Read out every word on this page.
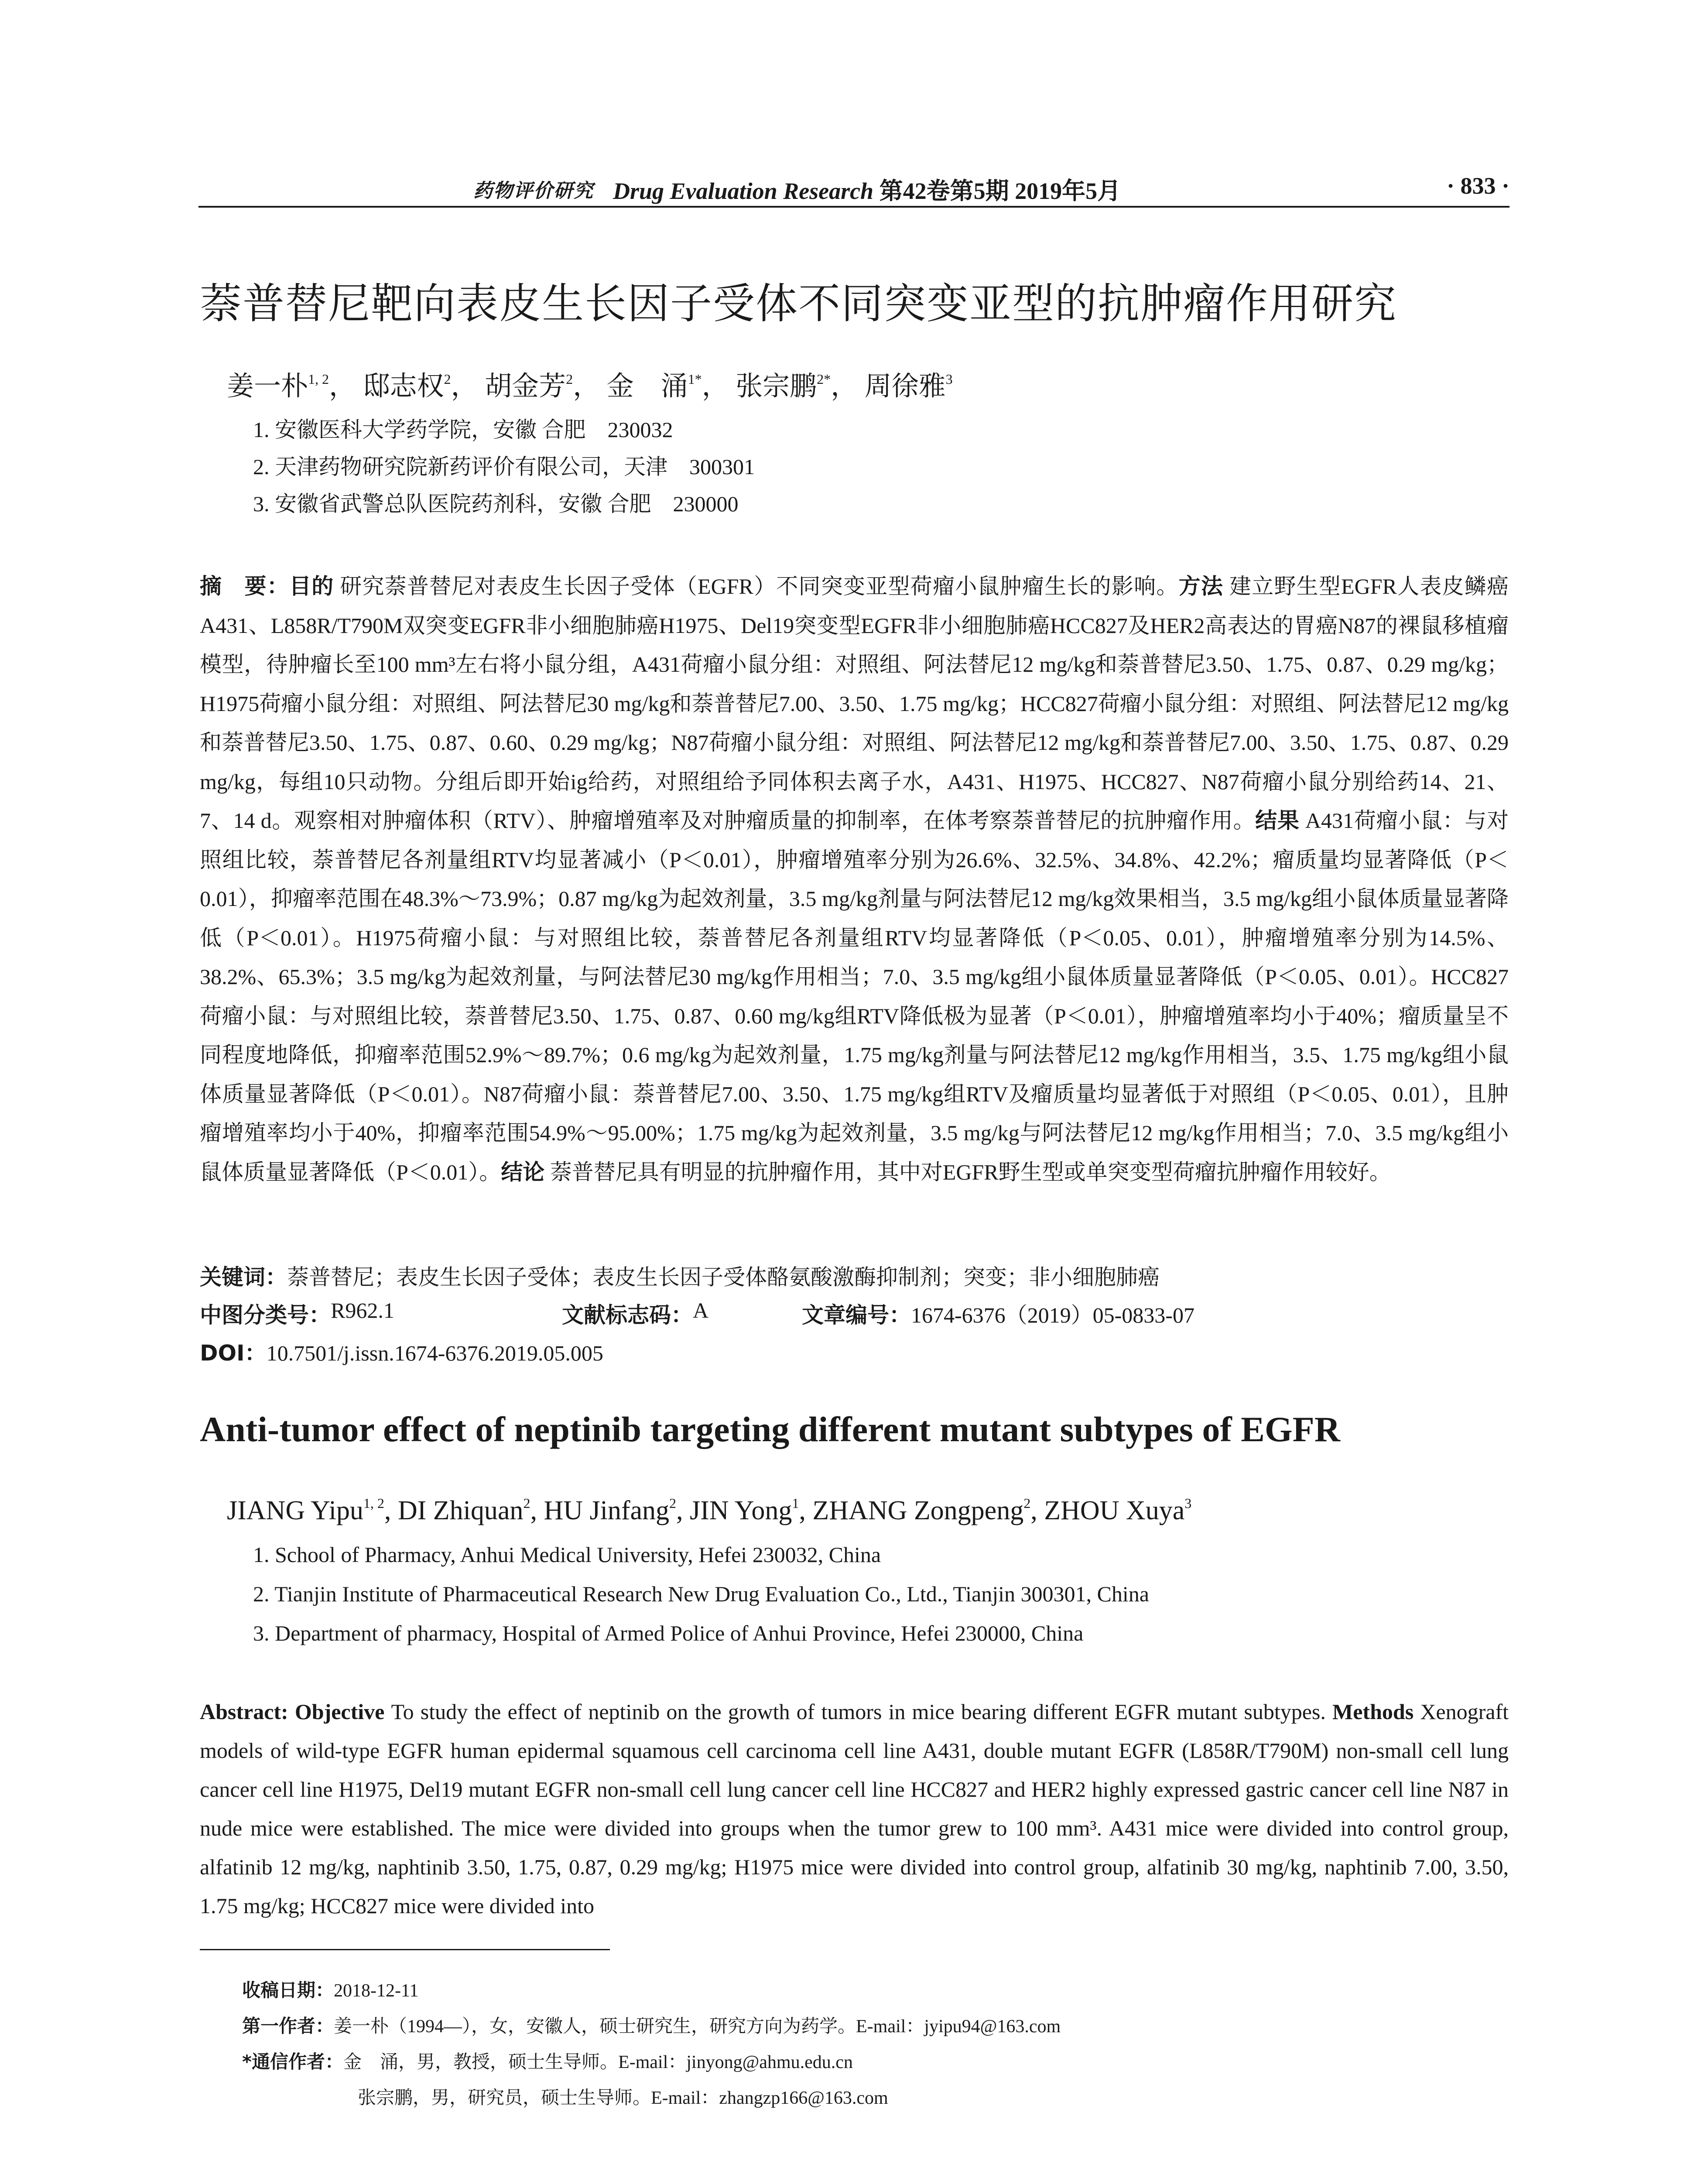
药物评价研究 Drug Evaluation Research 第42卷第5期 2019年5月	· 833 ·
萘普替尼靶向表皮生长因子受体不同突变亚型的抗肿瘤作用研究
姜一朴$^{1, 2}$， 邸志权$^2$， 胡金芳$^2$， 金　涌$^{1*}$， 张宗鹏$^{2*}$， 周徐雅$^3$
1. 安徽医科大学药学院，安徽 合肥　230032
2. 天津药物研究院新药评价有限公司，天津　300301
3. 安徽省武警总队医院药剂科，安徽 合肥　230000
摘　要：目的 研究萘普替尼对表皮生长因子受体（EGFR）不同突变亚型荷瘤小鼠肿瘤生长的影响。方法 建立野生型EGFR人表皮鳞癌A431、L858R/T790M双突变EGFR非小细胞肺癌H1975、Del19突变型EGFR非小细胞肺癌HCC827及HER2高表达的胃癌N87的裸鼠移植瘤模型，待肿瘤长至100 mm³左右将小鼠分组，A431荷瘤小鼠分组：对照组、阿法替尼12 mg/kg和萘普替尼3.50、1.75、0.87、0.29 mg/kg；H1975荷瘤小鼠分组：对照组、阿法替尼30 mg/kg和萘普替尼7.00、3.50、1.75 mg/kg；HCC827荷瘤小鼠分组：对照组、阿法替尼12 mg/kg和萘普替尼3.50、1.75、0.87、0.60、0.29 mg/kg；N87荷瘤小鼠分组：对照组、阿法替尼12 mg/kg和萘普替尼7.00、3.50、1.75、0.87、0.29 mg/kg，每组10只动物。分组后即开始ig给药，对照组给予同体积去离子水，A431、H1975、HCC827、N87荷瘤小鼠分别给药14、21、7、14 d。观察相对肿瘤体积（RTV）、肿瘤增殖率及对肿瘤质量的抑制率，在体考察萘普替尼的抗肿瘤作用。结果 A431荷瘤小鼠：与对照组比较，萘普替尼各剂量组RTV均显著减小（P＜0.01），肿瘤增殖率分别为26.6%、32.5%、34.8%、42.2%；瘤质量均显著降低（P＜0.01），抑瘤率范围在48.3%～73.9%；0.87 mg/kg为起效剂量，3.5 mg/kg剂量与阿法替尼12 mg/kg效果相当，3.5 mg/kg组小鼠体质量显著降低（P＜0.01）。H1975荷瘤小鼠：与对照组比较，萘普替尼各剂量组RTV均显著降低（P＜0.05、0.01），肿瘤增殖率分别为14.5%、38.2%、65.3%；3.5 mg/kg为起效剂量，与阿法替尼30 mg/kg作用相当；7.0、3.5 mg/kg组小鼠体质量显著降低（P＜0.05、0.01）。HCC827荷瘤小鼠：与对照组比较，萘普替尼3.50、1.75、0.87、0.60 mg/kg组RTV降低极为显著（P＜0.01），肿瘤增殖率均小于40%；瘤质量呈不同程度地降低，抑瘤率范围52.9%～89.7%；0.6 mg/kg为起效剂量，1.75 mg/kg剂量与阿法替尼12 mg/kg作用相当，3.5、1.75 mg/kg组小鼠体质量显著降低（P＜0.01）。N87荷瘤小鼠：萘普替尼7.00、3.50、1.75 mg/kg组RTV及瘤质量均显著低于对照组（P＜0.05、0.01），且肿瘤增殖率均小于40%，抑瘤率范围54.9%～95.00%；1.75 mg/kg为起效剂量，3.5 mg/kg与阿法替尼12 mg/kg作用相当；7.0、3.5 mg/kg组小鼠体质量显著降低（P＜0.01）。结论 萘普替尼具有明显的抗肿瘤作用，其中对EGFR野生型或单突变型荷瘤抗肿瘤作用较好。
关键词：萘普替尼；表皮生长因子受体；表皮生长因子受体酪氨酸激酶抑制剂；突变；非小细胞肺癌
中图分类号： R962.1	文献标志码： A	文章编号： 1674-6376（2019）05-0833-07
DOI：10.7501/j.issn.1674-6376.2019.05.005
Anti-tumor effect of neptinib targeting different mutant subtypes of EGFR
JIANG Yipu$^{1, 2}$, DI Zhiquan$^2$, HU Jinfang$^2$, JIN Yong$^1$, ZHANG Zongpeng$^2$, ZHOU Xuya$^3$
1. School of Pharmacy, Anhui Medical University, Hefei 230032, China
2. Tianjin Institute of Pharmaceutical Research New Drug Evaluation Co., Ltd., Tianjin 300301, China
3. Department of pharmacy, Hospital of Armed Police of Anhui Province, Hefei 230000, China
Abstract: Objective To study the effect of neptinib on the growth of tumors in mice bearing different EGFR mutant subtypes. Methods Xenograft models of wild-type EGFR human epidermal squamous cell carcinoma cell line A431, double mutant EGFR (L858R/T790M) non-small cell lung cancer cell line H1975, Del19 mutant EGFR non-small cell lung cancer cell line HCC827 and HER2 highly expressed gastric cancer cell line N87 in nude mice were established. The mice were divided into groups when the tumor grew to 100 mm³. A431 mice were divided into control group, alfatinib 12 mg/kg, naphtinib 3.50, 1.75, 0.87, 0.29 mg/kg; H1975 mice were divided into control group, alfatinib 30 mg/kg, naphtinib 7.00, 3.50, 1.75 mg/kg; HCC827 mice were divided into
收稿日期：2018-12-11
第一作者：姜一朴（1994—），女，安徽人，硕士研究生，研究方向为药学。E-mail：jyipu94@163.com
*通信作者：金　涌，男，教授，硕士生导师。E-mail：jinyong@ahmu.edu.cn
张宗鹏，男，研究员，硕士生导师。E-mail：zhangzp166@163.com
